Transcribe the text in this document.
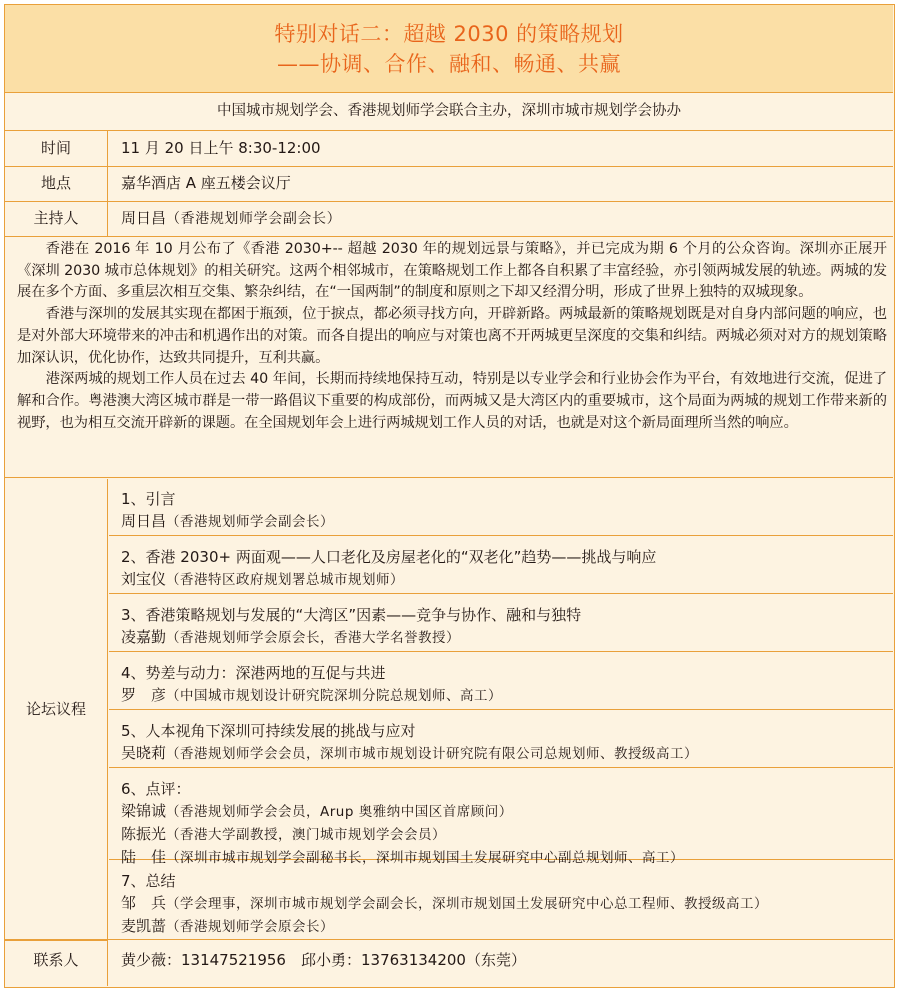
特别对话二：超越 2030 的策略规划
——协调、合作、融和、畅通、共赢
中国城市规划学会、香港规划师学会联合主办，深圳市城市规划学会协办
时间	11 月 20 日上午 8:30-12:00
地点	嘉华酒店 A 座五楼会议厅
主持人	周日昌（香港规划师学会副会长）

香港在 2016 年 10 月公布了《香港 2030+-- 超越 2030 年的规划远景与策略》，并已完成为期 6 个月的公众咨询。深圳亦正展开《深圳 2030 城市总体规划》的相关研究。这两个相邻城市，在策略规划工作上都各自积累了丰富经验，亦引领两城发展的轨迹。两城的发展在多个方面、多重层次相互交集、繁杂纠结，在“一国两制”的制度和原则之下却又经渭分明，形成了世界上独特的双城现象。

香港与深圳的发展其实现在都困于瓶颈，位于捩点，都必须寻找方向，开辟新路。两城最新的策略规划既是对自身内部问题的响应，也是对外部大环境带来的冲击和机遇作出的对策。而各自提出的响应与对策也离不开两城更呈深度的交集和纠结。两城必须对对方的规划策略加深认识，优化协作，达致共同提升，互利共赢。

港深两城的规划工作人员在过去 40 年间，长期而持续地保持互动，特别是以专业学会和行业协会作为平台，有效地进行交流，促进了解和合作。粤港澳大湾区城市群是一带一路倡议下重要的构成部份，而两城又是大湾区内的重要城市，这个局面为两城的规划工作带来新的视野，也为相互交流开辟新的课题。在全国规划年会上进行两城规划工作人员的对话，也就是对这个新局面理所当然的响应。

论坛议程
1、引言
周日昌（香港规划师学会副会长）
2、香港 2030+ 两面观——人口老化及房屋老化的“双老化”趋势——挑战与响应
刘宝仪（香港特区政府规划署总城市规划师）
3、香港策略规划与发展的“大湾区”因素——竞争与协作、融和与独特
凌嘉勤（香港规划师学会原会长，香港大学名誉教授）
4、势差与动力：深港两地的互促与共进
罗　彦（中国城市规划设计研究院深圳分院总规划师、高工）
5、人本视角下深圳可持续发展的挑战与应对
吴晓莉（香港规划师学会会员，深圳市城市规划设计研究院有限公司总规划师、教授级高工）
6、点评：
梁锦诚（香港规划师学会会员，Arup 奥雅纳中国区首席顾问）
陈振光（香港大学副教授，澳门城市规划学会会员）
陆　佳（深圳市城市规划学会副秘书长，深圳市规划国土发展研究中心副总规划师、高工）
7、总结
邹　兵（学会理事，深圳市城市规划学会副会长，深圳市规划国土发展研究中心总工程师、教授级高工）
麦凯蔷（香港规划师学会原会长）
联系人	黄少薇：13147521956　邱小勇：13763134200（东莞）
